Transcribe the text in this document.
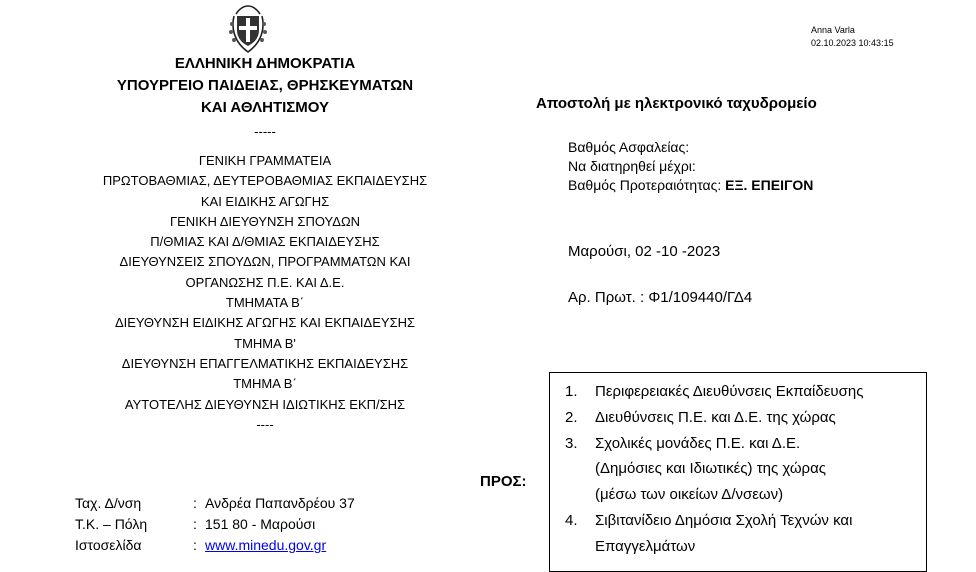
Anna Varla
02.10.2023 10:43:15
ΕΛΛΗΝΙΚΗ ΔΗΜΟΚΡΑΤΙΑ
ΥΠΟΥΡΓΕΙΟ ΠΑΙΔΕΙΑΣ, ΘΡΗΣΚΕΥΜΑΤΩΝ
ΚΑΙ ΑΘΛΗΤΙΣΜΟΥ
-----
ΓΕΝΙΚΗ ΓΡΑΜΜΑΤΕΙΑ
ΠΡΩΤΟΒΑΘΜΙΑΣ, ΔΕΥΤΕΡΟΒΑΘΜΙΑΣ ΕΚΠΑΙΔΕΥΣΗΣ
ΚΑΙ ΕΙΔΙΚΗΣ ΑΓΩΓΗΣ
ΓΕΝΙΚΗ ΔΙΕΥΘΥΝΣΗ ΣΠΟΥΔΩΝ
Π/ΘΜΙΑΣ ΚΑΙ Δ/ΘΜΙΑΣ ΕΚΠΑΙΔΕΥΣΗΣ
ΔΙΕΥΘΥΝΣΕΙΣ ΣΠΟΥΔΩΝ, ΠΡΟΓΡΑΜΜΑΤΩΝ ΚΑΙ
ΟΡΓΑΝΩΣΗΣ Π.Ε. ΚΑΙ Δ.Ε.
ΤΜΗΜΑΤΑ Β΄
ΔΙΕΥΘΥΝΣΗ ΕΙΔΙΚΗΣ ΑΓΩΓΗΣ ΚΑΙ ΕΚΠΑΙΔΕΥΣΗΣ
ΤΜΗΜΑ Β'
ΔΙΕΥΘΥΝΣΗ ΕΠΑΓΓΕΛΜΑΤΙΚΗΣ ΕΚΠΑΙΔΕΥΣΗΣ
ΤΜΗΜΑ Β΄
ΑΥΤΟΤΕΛΗΣ ΔΙΕΥΘΥΝΣΗ ΙΔΙΩΤΙΚΗΣ ΕΚΠ/ΣΗΣ
----
Αποστολή με ηλεκτρονικό ταχυδρομείο
Βαθμός Ασφαλείας:
Να διατηρηθεί μέχρι:
Βαθμός Προτεραιότητας: ΕΞ. ΕΠΕΙΓΟΝ
Μαρούσι, 02 -10 -2023
Αρ. Πρωτ. : Φ1/109440/ΓΔ4
ΠΡΟΣ:
1. Περιφερειακές Διευθύνσεις Εκπαίδευσης
2. Διευθύνσεις Π.Ε. και Δ.Ε. της χώρας
3. Σχολικές μονάδες Π.Ε. και Δ.Ε.
(Δημόσιες και Ιδιωτικές) της χώρας
(μέσω των οικείων Δ/νσεων)
4. Σιβιτανίδειο Δημόσια Σχολή Τεχνών και
Επαγγελμάτων
Ταχ. Δ/νση	: Ανδρέα Παπανδρέου 37
Τ.Κ. – Πόλη	: 151 80 - Μαρούσι
Ιστοσελίδα	: www.minedu.gov.gr
